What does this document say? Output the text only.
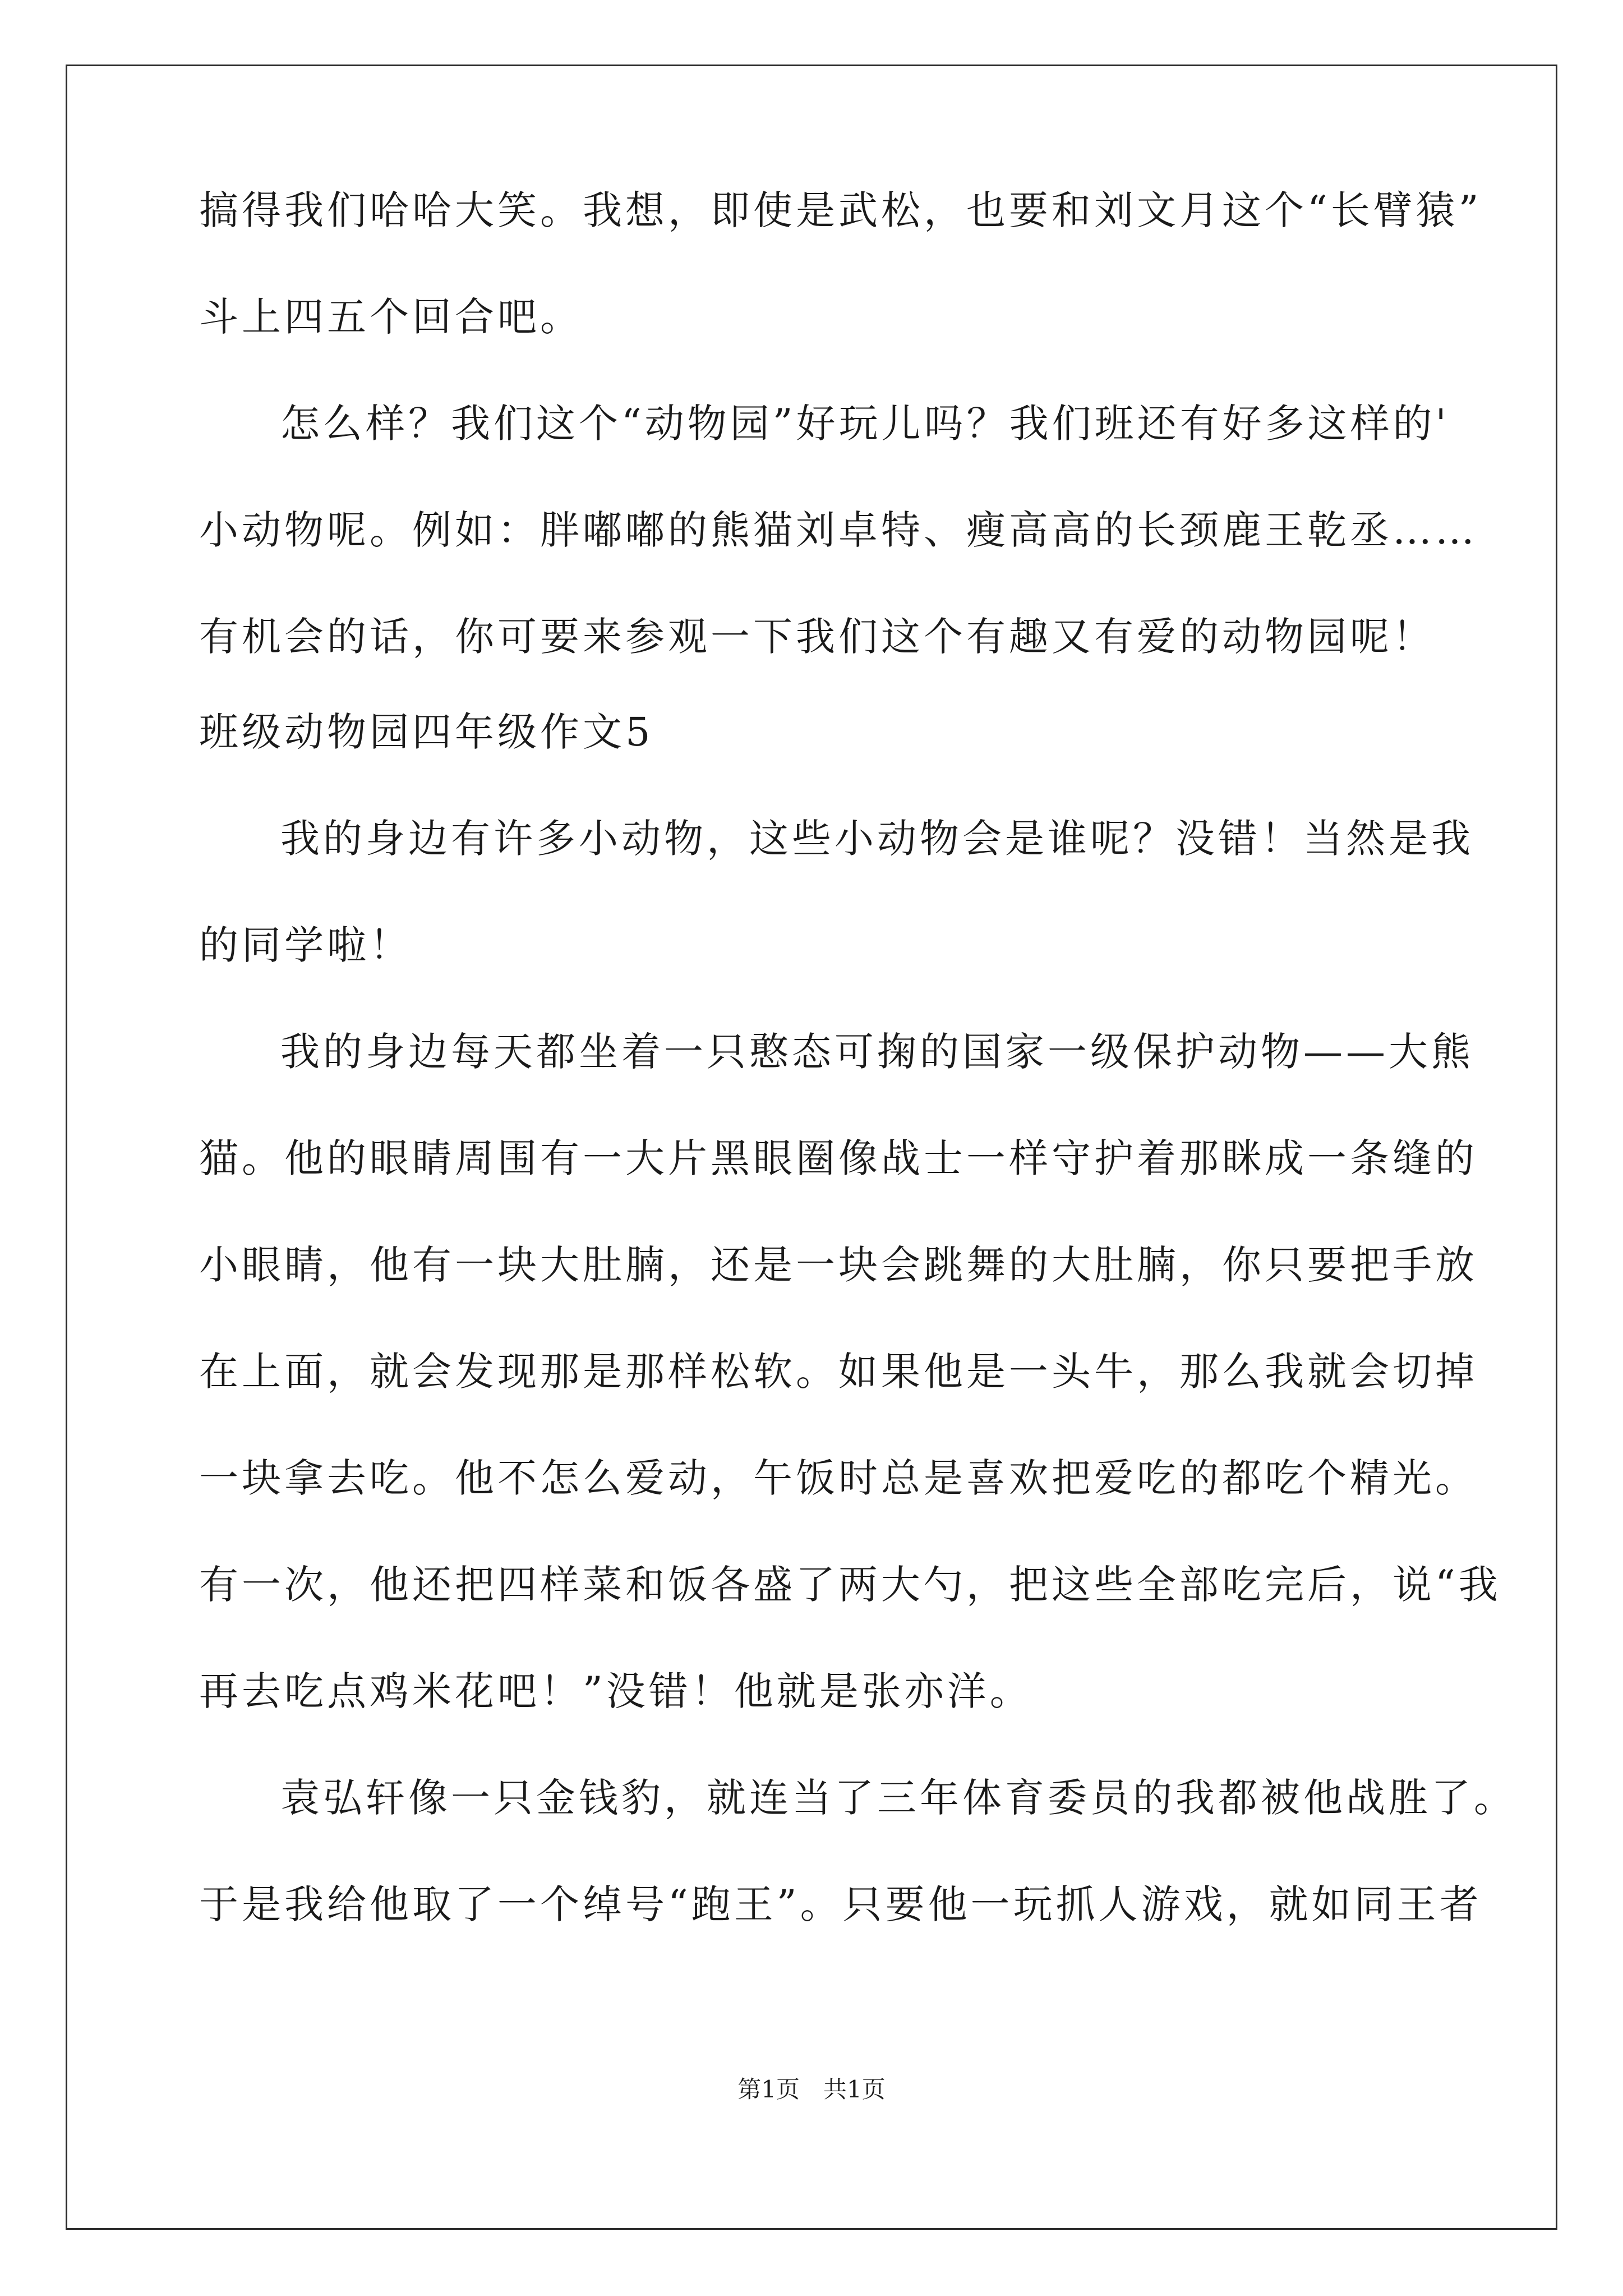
搞得我们哈哈大笑。我想，即使是武松，也要和刘文月这个“长臂猿”
斗上四五个回合吧。
怎么样？我们这个“动物园”好玩儿吗？我们班还有好多这样的'
小动物呢。例如：胖嘟嘟的熊猫刘卓特、瘦高高的长颈鹿王乾丞……
有机会的话，你可要来参观一下我们这个有趣又有爱的动物园呢！
班级动物园四年级作文5
我的身边有许多小动物，这些小动物会是谁呢？没错！当然是我
的同学啦！
我的身边每天都坐着一只憨态可掬的国家一级保护动物——大熊
猫。他的眼睛周围有一大片黑眼圈像战士一样守护着那眯成一条缝的
小眼睛，他有一块大肚腩，还是一块会跳舞的大肚腩，你只要把手放
在上面，就会发现那是那样松软。如果他是一头牛，那么我就会切掉
一块拿去吃。他不怎么爱动，午饭时总是喜欢把爱吃的都吃个精光。
有一次，他还把四样菜和饭各盛了两大勺，把这些全部吃完后，说“我
再去吃点鸡米花吧！”没错！他就是张亦洋。
袁弘轩像一只金钱豹，就连当了三年体育委员的我都被他战胜了。
于是我给他取了一个绰号“跑王”。只要他一玩抓人游戏，就如同王者
第1页　共1页
